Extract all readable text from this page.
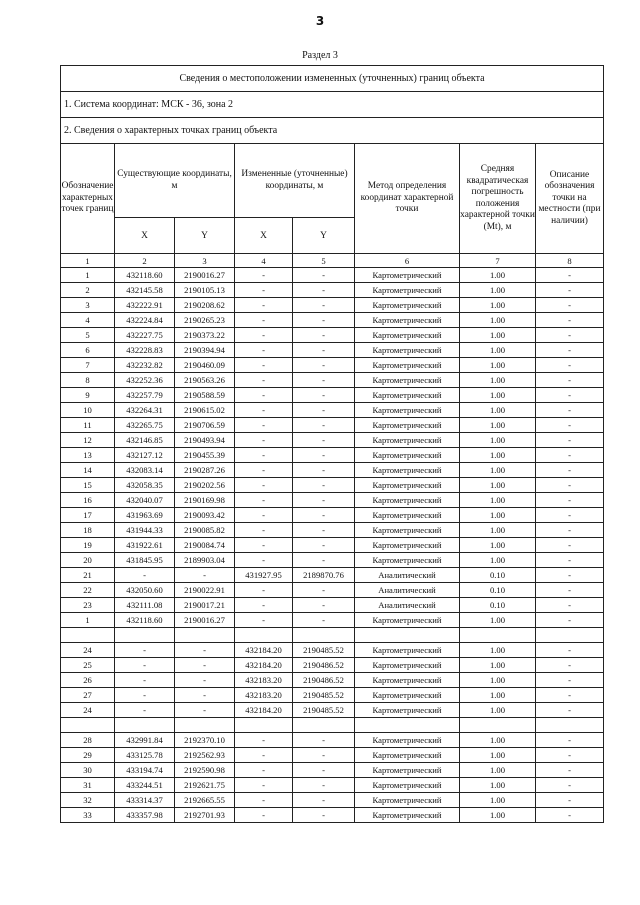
3
Раздел 3
Сведения о местоположении измененных (уточненных) границ объекта							
1. Система координат: МСК - 36, зона 2							
2. Сведения о характерных точках границ объекта							
Обозначение характерных точек границ	Существующие координаты, м		Измененные (уточненные) координаты, м		Метод определения координат характерной точки	Средняя квадратическая погрешность положения характерной точки (Mt), м	Описание обозначения точки на местности (при наличии)
	X	Y	X	Y			
1	2	3	4	5	6	7	8
1	432118.60	2190016.27	-	-	Картометрический	1.00	-
2	432145.58	2190105.13	-	-	Картометрический	1.00	-
3	432222.91	2190208.62	-	-	Картометрический	1.00	-
4	432224.84	2190265.23	-	-	Картометрический	1.00	-
5	432227.75	2190373.22	-	-	Картометрический	1.00	-
6	432228.83	2190394.94	-	-	Картометрический	1.00	-
7	432232.82	2190460.09	-	-	Картометрический	1.00	-
8	432252.36	2190563.26	-	-	Картометрический	1.00	-
9	432257.79	2190588.59	-	-	Картометрический	1.00	-
10	432264.31	2190615.02	-	-	Картометрический	1.00	-
11	432265.75	2190706.59	-	-	Картометрический	1.00	-
12	432146.85	2190493.94	-	-	Картометрический	1.00	-
13	432127.12	2190455.39	-	-	Картометрический	1.00	-
14	432083.14	2190287.26	-	-	Картометрический	1.00	-
15	432058.35	2190202.56	-	-	Картометрический	1.00	-
16	432040.07	2190169.98	-	-	Картометрический	1.00	-
17	431963.69	2190093.42	-	-	Картометрический	1.00	-
18	431944.33	2190085.82	-	-	Картометрический	1.00	-
19	431922.61	2190084.74	-	-	Картометрический	1.00	-
20	431845.95	2189903.04	-	-	Картометрический	1.00	-
21	-	-	431927.95	2189870.76	Аналитический	0.10	-
22	432050.60	2190022.91	-	-	Аналитический	0.10	-
23	432111.08	2190017.21	-	-	Аналитический	0.10	-
1	432118.60	2190016.27	-	-	Картометрический	1.00	-

24	-	-	432184.20	2190485.52	Картометрический	1.00	-
25	-	-	432184.20	2190486.52	Картометрический	1.00	-
26	-	-	432183.20	2190486.52	Картометрический	1.00	-
27	-	-	432183.20	2190485.52	Картометрический	1.00	-
24	-	-	432184.20	2190485.52	Картометрический	1.00	-

28	432991.84	2192370.10	-	-	Картометрический	1.00	-
29	433125.78	2192562.93	-	-	Картометрический	1.00	-
30	433194.74	2192590.98	-	-	Картометрический	1.00	-
31	433244.51	2192621.75	-	-	Картометрический	1.00	-
32	433314.37	2192665.55	-	-	Картометрический	1.00	-
33	433357.98	2192701.93	-	-	Картометрический	1.00	-
